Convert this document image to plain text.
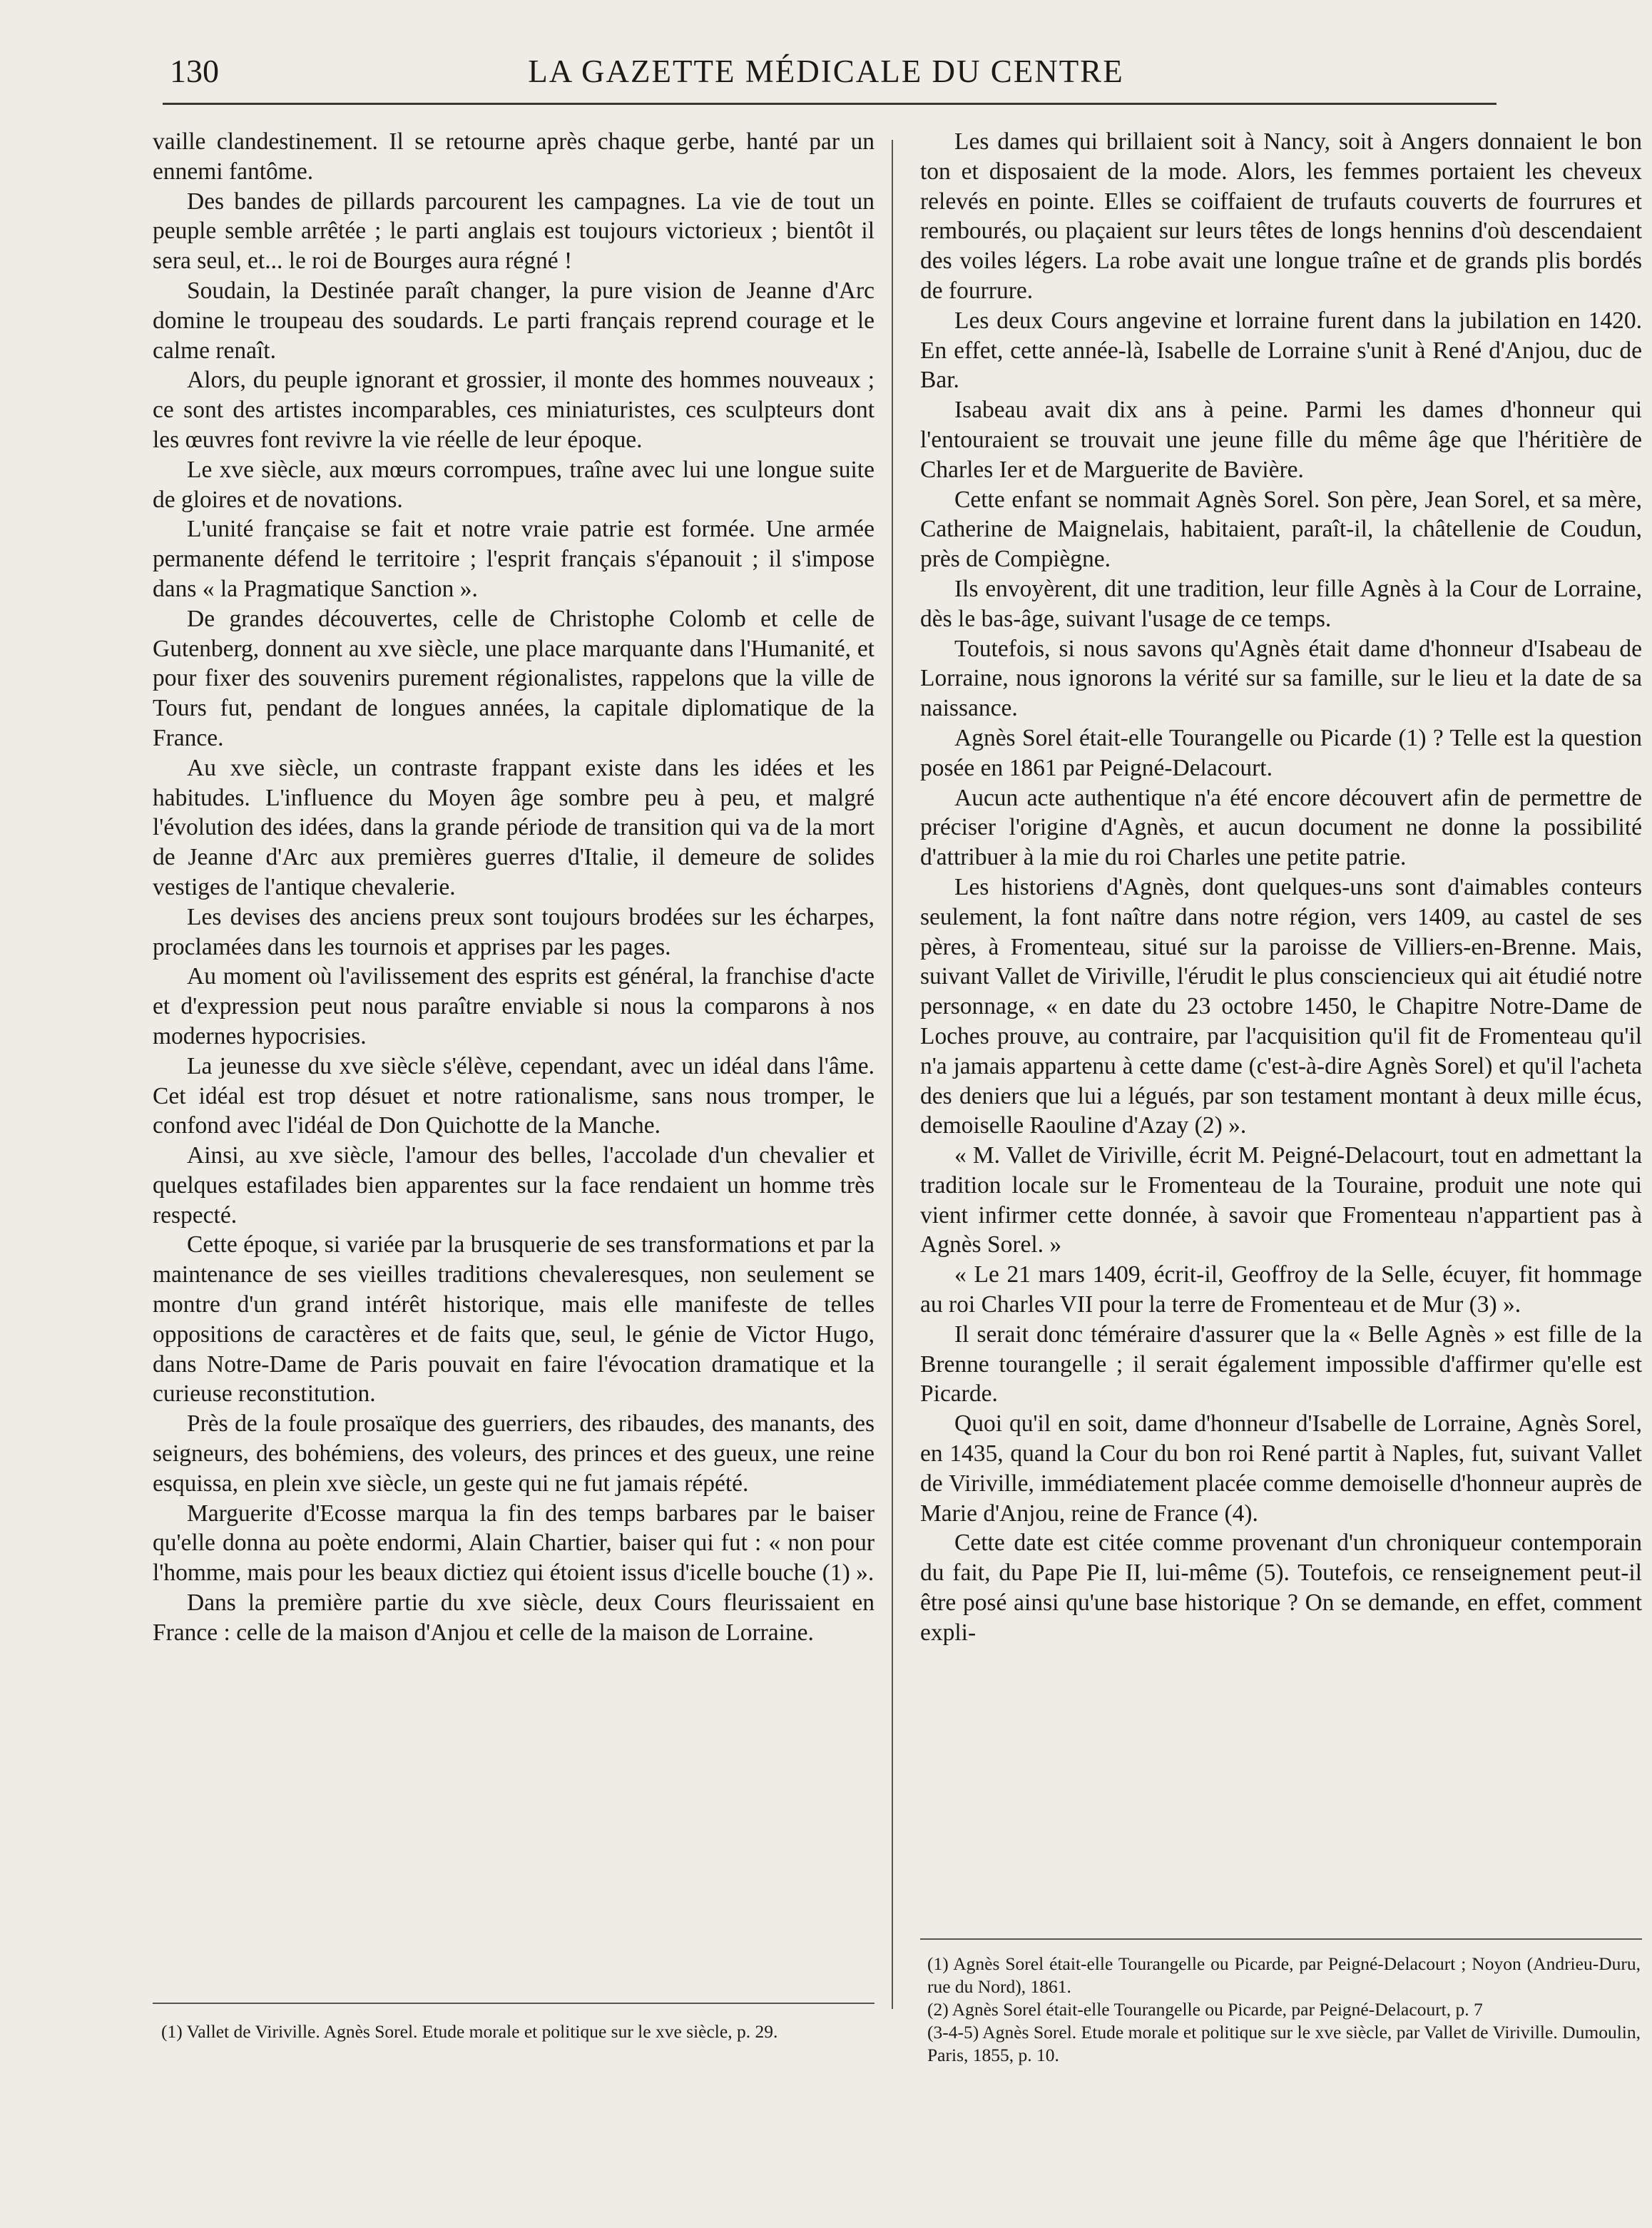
130	LA GAZETTE MÉDICALE DU CENTRE

vaille clandestinement. Il se retourne après chaque gerbe, hanté par un ennemi fantôme.

Des bandes de pillards parcourent les campagnes. La vie de tout un peuple semble arrêtée ; le parti anglais est toujours victorieux ; bientôt il sera seul, et... le roi de Bourges aura régné !

Soudain, la Destinée paraît changer, la pure vision de Jeanne d'Arc domine le troupeau des soudards. Le parti français reprend courage et le calme renaît.

Alors, du peuple ignorant et grossier, il monte des hommes nouveaux ; ce sont des artistes incomparables, ces miniaturistes, ces sculpteurs dont les œuvres font revivre la vie réelle de leur époque.

Le xve siècle, aux mœurs corrompues, traîne avec lui une longue suite de gloires et de novations.

L'unité française se fait et notre vraie patrie est formée. Une armée permanente défend le territoire ; l'esprit français s'épanouit ; il s'impose dans « la Pragmatique Sanction ».

De grandes découvertes, celle de Christophe Colomb et celle de Gutenberg, donnent au xve siècle, une place marquante dans l'Humanité, et pour fixer des souvenirs purement régionalistes, rappelons que la ville de Tours fut, pendant de longues années, la capitale diplomatique de la France.

Au xve siècle, un contraste frappant existe dans les idées et les habitudes. L'influence du Moyen âge sombre peu à peu, et malgré l'évolution des idées, dans la grande période de transition qui va de la mort de Jeanne d'Arc aux premières guerres d'Italie, il demeure de solides vestiges de l'antique chevalerie.

Les devises des anciens preux sont toujours brodées sur les écharpes, proclamées dans les tournois et apprises par les pages.

Au moment où l'avilissement des esprits est général, la franchise d'acte et d'expression peut nous paraître enviable si nous la comparons à nos modernes hypocrisies.

La jeunesse du xve siècle s'élève, cependant, avec un idéal dans l'âme. Cet idéal est trop désuet et notre rationalisme, sans nous tromper, le confond avec l'idéal de Don Quichotte de la Manche.

Ainsi, au xve siècle, l'amour des belles, l'accolade d'un chevalier et quelques estafilades bien apparentes sur la face rendaient un homme très respecté.

Cette époque, si variée par la brusquerie de ses transformations et par la maintenance de ses vieilles traditions chevaleresques, non seulement se montre d'un grand intérêt historique, mais elle manifeste de telles oppositions de caractères et de faits que, seul, le génie de Victor Hugo, dans Notre-Dame de Paris pouvait en faire l'évocation dramatique et la curieuse reconstitution.

Près de la foule prosaïque des guerriers, des ribaudes, des manants, des seigneurs, des bohémiens, des voleurs, des princes et des gueux, une reine esquissa, en plein xve siècle, un geste qui ne fut jamais répété.

Marguerite d'Ecosse marqua la fin des temps barbares par le baiser qu'elle donna au poète endormi, Alain Chartier, baiser qui fut : « non pour l'homme, mais pour les beaux dictiez qui étoient issus d'icelle bouche (1) ».

Dans la première partie du xve siècle, deux Cours fleurissaient en France : celle de la maison d'Anjou et celle de la maison de Lorraine.

Les dames qui brillaient soit à Nancy, soit à Angers donnaient le bon ton et disposaient de la mode. Alors, les femmes portaient les cheveux relevés en pointe. Elles se coiffaient de trufauts couverts de fourrures et rembourés, ou plaçaient sur leurs têtes de longs hennins d'où descendaient des voiles légers. La robe avait une longue traîne et de grands plis bordés de fourrure.

Les deux Cours angevine et lorraine furent dans la jubilation en 1420. En effet, cette année-là, Isabelle de Lorraine s'unit à René d'Anjou, duc de Bar.

Isabeau avait dix ans à peine. Parmi les dames d'honneur qui l'entouraient se trouvait une jeune fille du même âge que l'héritière de Charles Ier et de Marguerite de Bavière.

Cette enfant se nommait Agnès Sorel. Son père, Jean Sorel, et sa mère, Catherine de Maignelais, habitaient, paraît-il, la châtellenie de Coudun, près de Compiègne.

Ils envoyèrent, dit une tradition, leur fille Agnès à la Cour de Lorraine, dès le bas-âge, suivant l'usage de ce temps.

Toutefois, si nous savons qu'Agnès était dame d'honneur d'Isabeau de Lorraine, nous ignorons la vérité sur sa famille, sur le lieu et la date de sa naissance.

Agnès Sorel était-elle Tourangelle ou Picarde (1) ? Telle est la question posée en 1861 par Peigné-Delacourt.

Aucun acte authentique n'a été encore découvert afin de permettre de préciser l'origine d'Agnès, et aucun document ne donne la possibilité d'attribuer à la mie du roi Charles une petite patrie.

Les historiens d'Agnès, dont quelques-uns sont d'aimables conteurs seulement, la font naître dans notre région, vers 1409, au castel de ses pères, à Fromenteau, situé sur la paroisse de Villiers-en-Brenne. Mais, suivant Vallet de Viriville, l'érudit le plus consciencieux qui ait étudié notre personnage, « en date du 23 octobre 1450, le Chapitre Notre-Dame de Loches prouve, au contraire, par l'acquisition qu'il fit de Fromenteau qu'il n'a jamais appartenu à cette dame (c'est-à-dire Agnès Sorel) et qu'il l'acheta des deniers que lui a légués, par son testament montant à deux mille écus, demoiselle Raouline d'Azay (2) ».

« M. Vallet de Viriville, écrit M. Peigné-Delacourt, tout en admettant la tradition locale sur le Fromenteau de la Touraine, produit une note qui vient infirmer cette donnée, à savoir que Fromenteau n'appartient pas à Agnès Sorel. »

« Le 21 mars 1409, écrit-il, Geoffroy de la Selle, écuyer, fit hommage au roi Charles VII pour la terre de Fromenteau et de Mur (3) ».

Il serait donc téméraire d'assurer que la « Belle Agnès » est fille de la Brenne tourangelle ; il serait également impossible d'affirmer qu'elle est Picarde.

Quoi qu'il en soit, dame d'honneur d'Isabelle de Lorraine, Agnès Sorel, en 1435, quand la Cour du bon roi René partit à Naples, fut, suivant Vallet de Viriville, immédiatement placée comme demoiselle d'honneur auprès de Marie d'Anjou, reine de France (4).

Cette date est citée comme provenant d'un chroniqueur contemporain du fait, du Pape Pie II, lui-même (5). Toutefois, ce renseignement peut-il être posé ainsi qu'une base historique ? On se demande, en effet, comment expli-

(1) Vallet de Viriville. Agnès Sorel. Etude morale et politique sur le xve siècle, p. 29.

(1) Agnès Sorel était-elle Tourangelle ou Picarde, par Peigné-Delacourt ; Noyon (Andrieu-Duru, rue du Nord), 1861.

(2) Agnès Sorel était-elle Tourangelle ou Picarde, par Peigné-Delacourt, p. 7

(3-4-5) Agnès Sorel. Etude morale et politique sur le xve siècle, par Vallet de Viriville. Dumoulin, Paris, 1855, p. 10.
